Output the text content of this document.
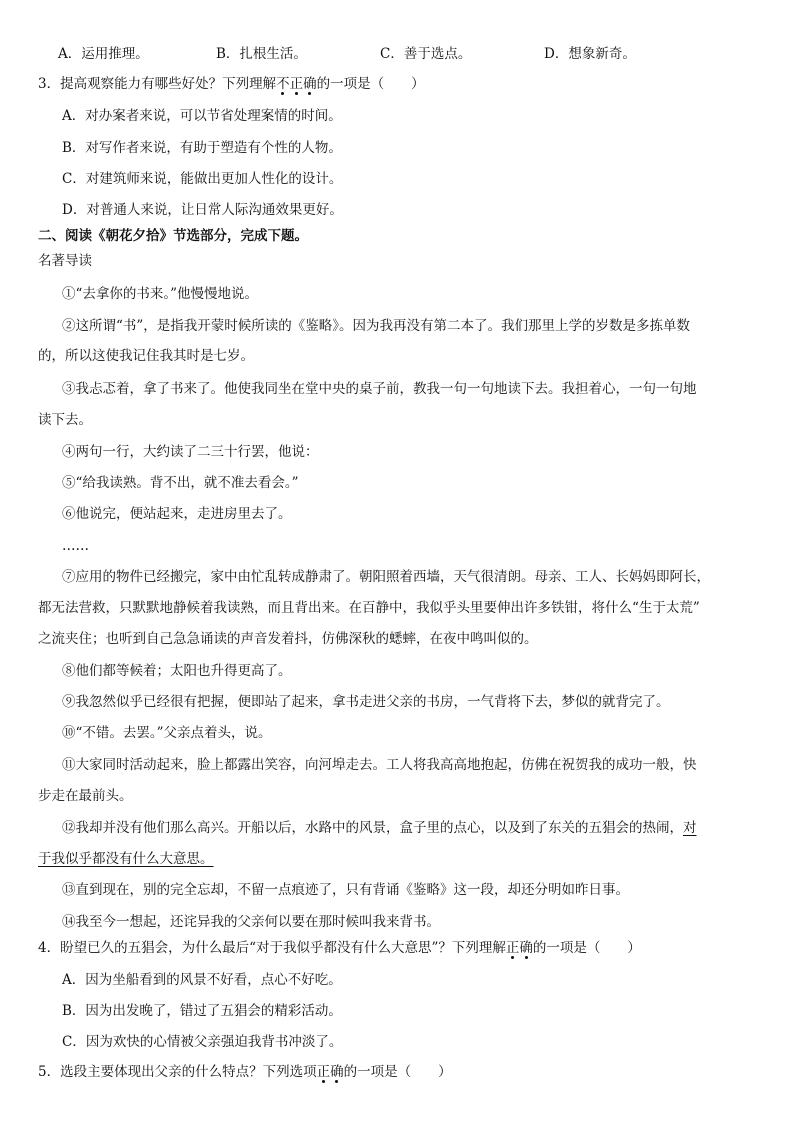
A．运用推理。	B．扎根生活。	C．善于选点。	D．想象新奇。
3．提高观察能力有哪些好处？下列理解不正确的一项是（　　）
A．对办案者来说，可以节省处理案情的时间。
B．对写作者来说，有助于塑造有个性的人物。
C．对建筑师来说，能做出更加人性化的设计。
D．对普通人来说，让日常人际沟通效果更好。
二、阅读《朝花夕拾》节选部分，完成下题。
名著导读
①“去拿你的书来。”他慢慢地说。
②这所谓“书”，是指我开蒙时候所读的《鉴略》。因为我再没有第二本了。我们那里上学的岁数是多拣单数
的，所以这使我记住我其时是七岁。
③我忐忑着，拿了书来了。他使我同坐在堂中央的桌子前，教我一句一句地读下去。我担着心，一句一句地
读下去。
④两句一行，大约读了二三十行罢，他说：
⑤“给我读熟。背不出，就不准去看会。”
⑥他说完，便站起来，走进房里去了。
……
⑦应用的物件已经搬完，家中由忙乱转成静肃了。朝阳照着西墙，天气很清朗。母亲、工人、长妈妈即阿长，
都无法营救，只默默地静候着我读熟，而且背出来。在百静中，我似乎头里要伸出许多铁钳，将什么“生于太荒”
之流夹住；也听到自己急急诵读的声音发着抖，仿佛深秋的蟋蟀，在夜中鸣叫似的。
⑧他们都等候着；太阳也升得更高了。
⑨我忽然似乎已经很有把握，便即站了起来，拿书走进父亲的书房，一气背将下去，梦似的就背完了。
⑩“不错。去罢。”父亲点着头，说。
⑪大家同时活动起来，脸上都露出笑容，向河埠走去。工人将我高高地抱起，仿佛在祝贺我的成功一般，快
步走在最前头。
⑫我却并没有他们那么高兴。开船以后，水路中的风景，盒子里的点心，以及到了东关的五猖会的热闹，对
于我似乎都没有什么大意思。
⑬直到现在，别的完全忘却，不留一点痕迹了，只有背诵《鉴略》这一段，却还分明如昨日事。
⑭我至今一想起，还诧异我的父亲何以要在那时候叫我来背书。
4．盼望已久的五猖会，为什么最后“对于我似乎都没有什么大意思”？下列理解正确的一项是（　　）
A．因为坐船看到的风景不好看，点心不好吃。
B．因为出发晚了，错过了五猖会的精彩活动。
C．因为欢快的心情被父亲强迫我背书冲淡了。
5．选段主要体现出父亲的什么特点？下列选项正确的一项是（　　）
